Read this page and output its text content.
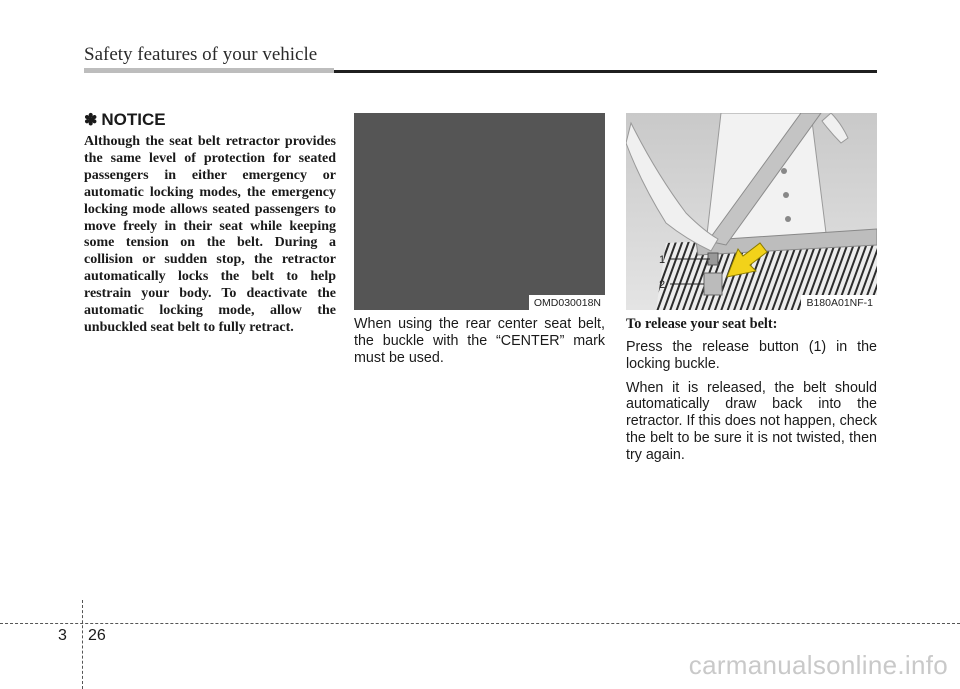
Safety features of your vehicle
✽ NOTICE

Although the seat belt retractor provides the same level of protection for seated passengers in either emergency or automatic locking modes, the emergency locking mode allows seated passengers to move freely in their seat while keeping some tension on the belt. During a collision or sudden stop, the retractor automatically locks the belt to help restrain your body. To deactivate the automatic locking mode, allow the unbuckled seat belt to fully retract.

OMD030018N
1
2
B180A01NF-1
When using the rear center seat belt, the buckle with the “CENTER” mark must be used.

To release your seat belt:

Press the release button (1) in the locking buckle.

When it is released, the belt should automatically draw back into the retractor. If this does not happen, check the belt to be sure it is not twisted, then try again.

3 26
carmanualsonline.info
